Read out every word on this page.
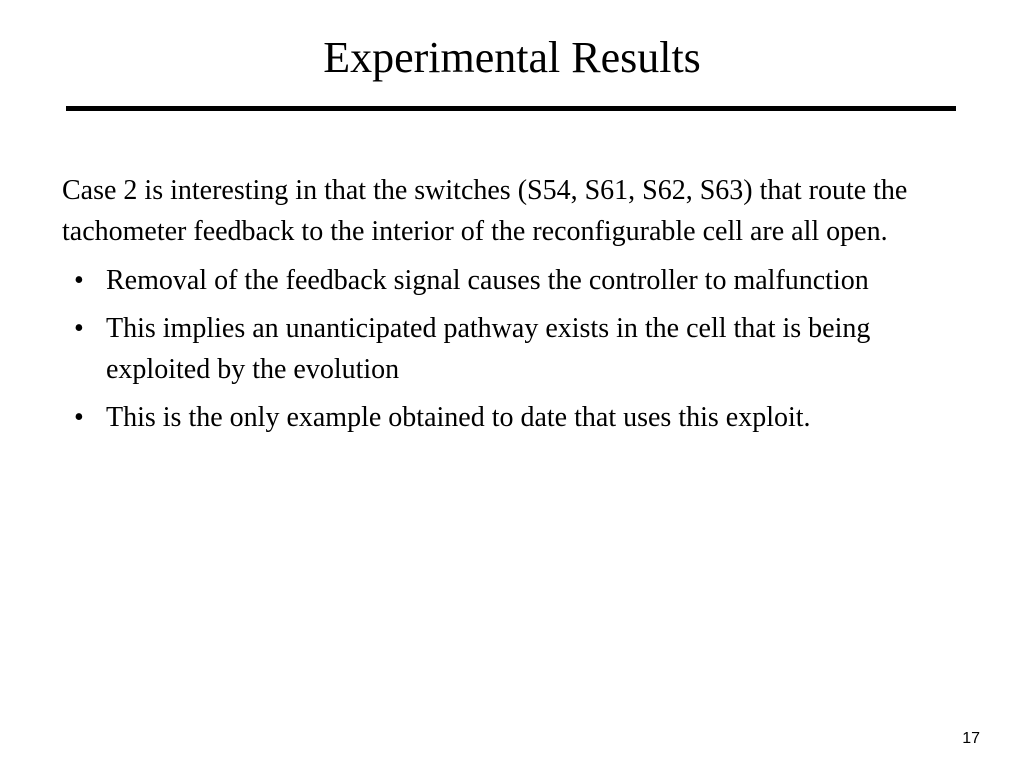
Experimental Results

Case 2 is interesting in that the switches (S54, S61, S62, S63) that route the tachometer feedback to the interior of the reconfigurable cell are all open.

• Removal of the feedback signal causes the controller to malfunction
• This implies an unanticipated pathway exists in the cell that is being exploited by the evolution
• This is the only example obtained to date that uses this exploit.
17
